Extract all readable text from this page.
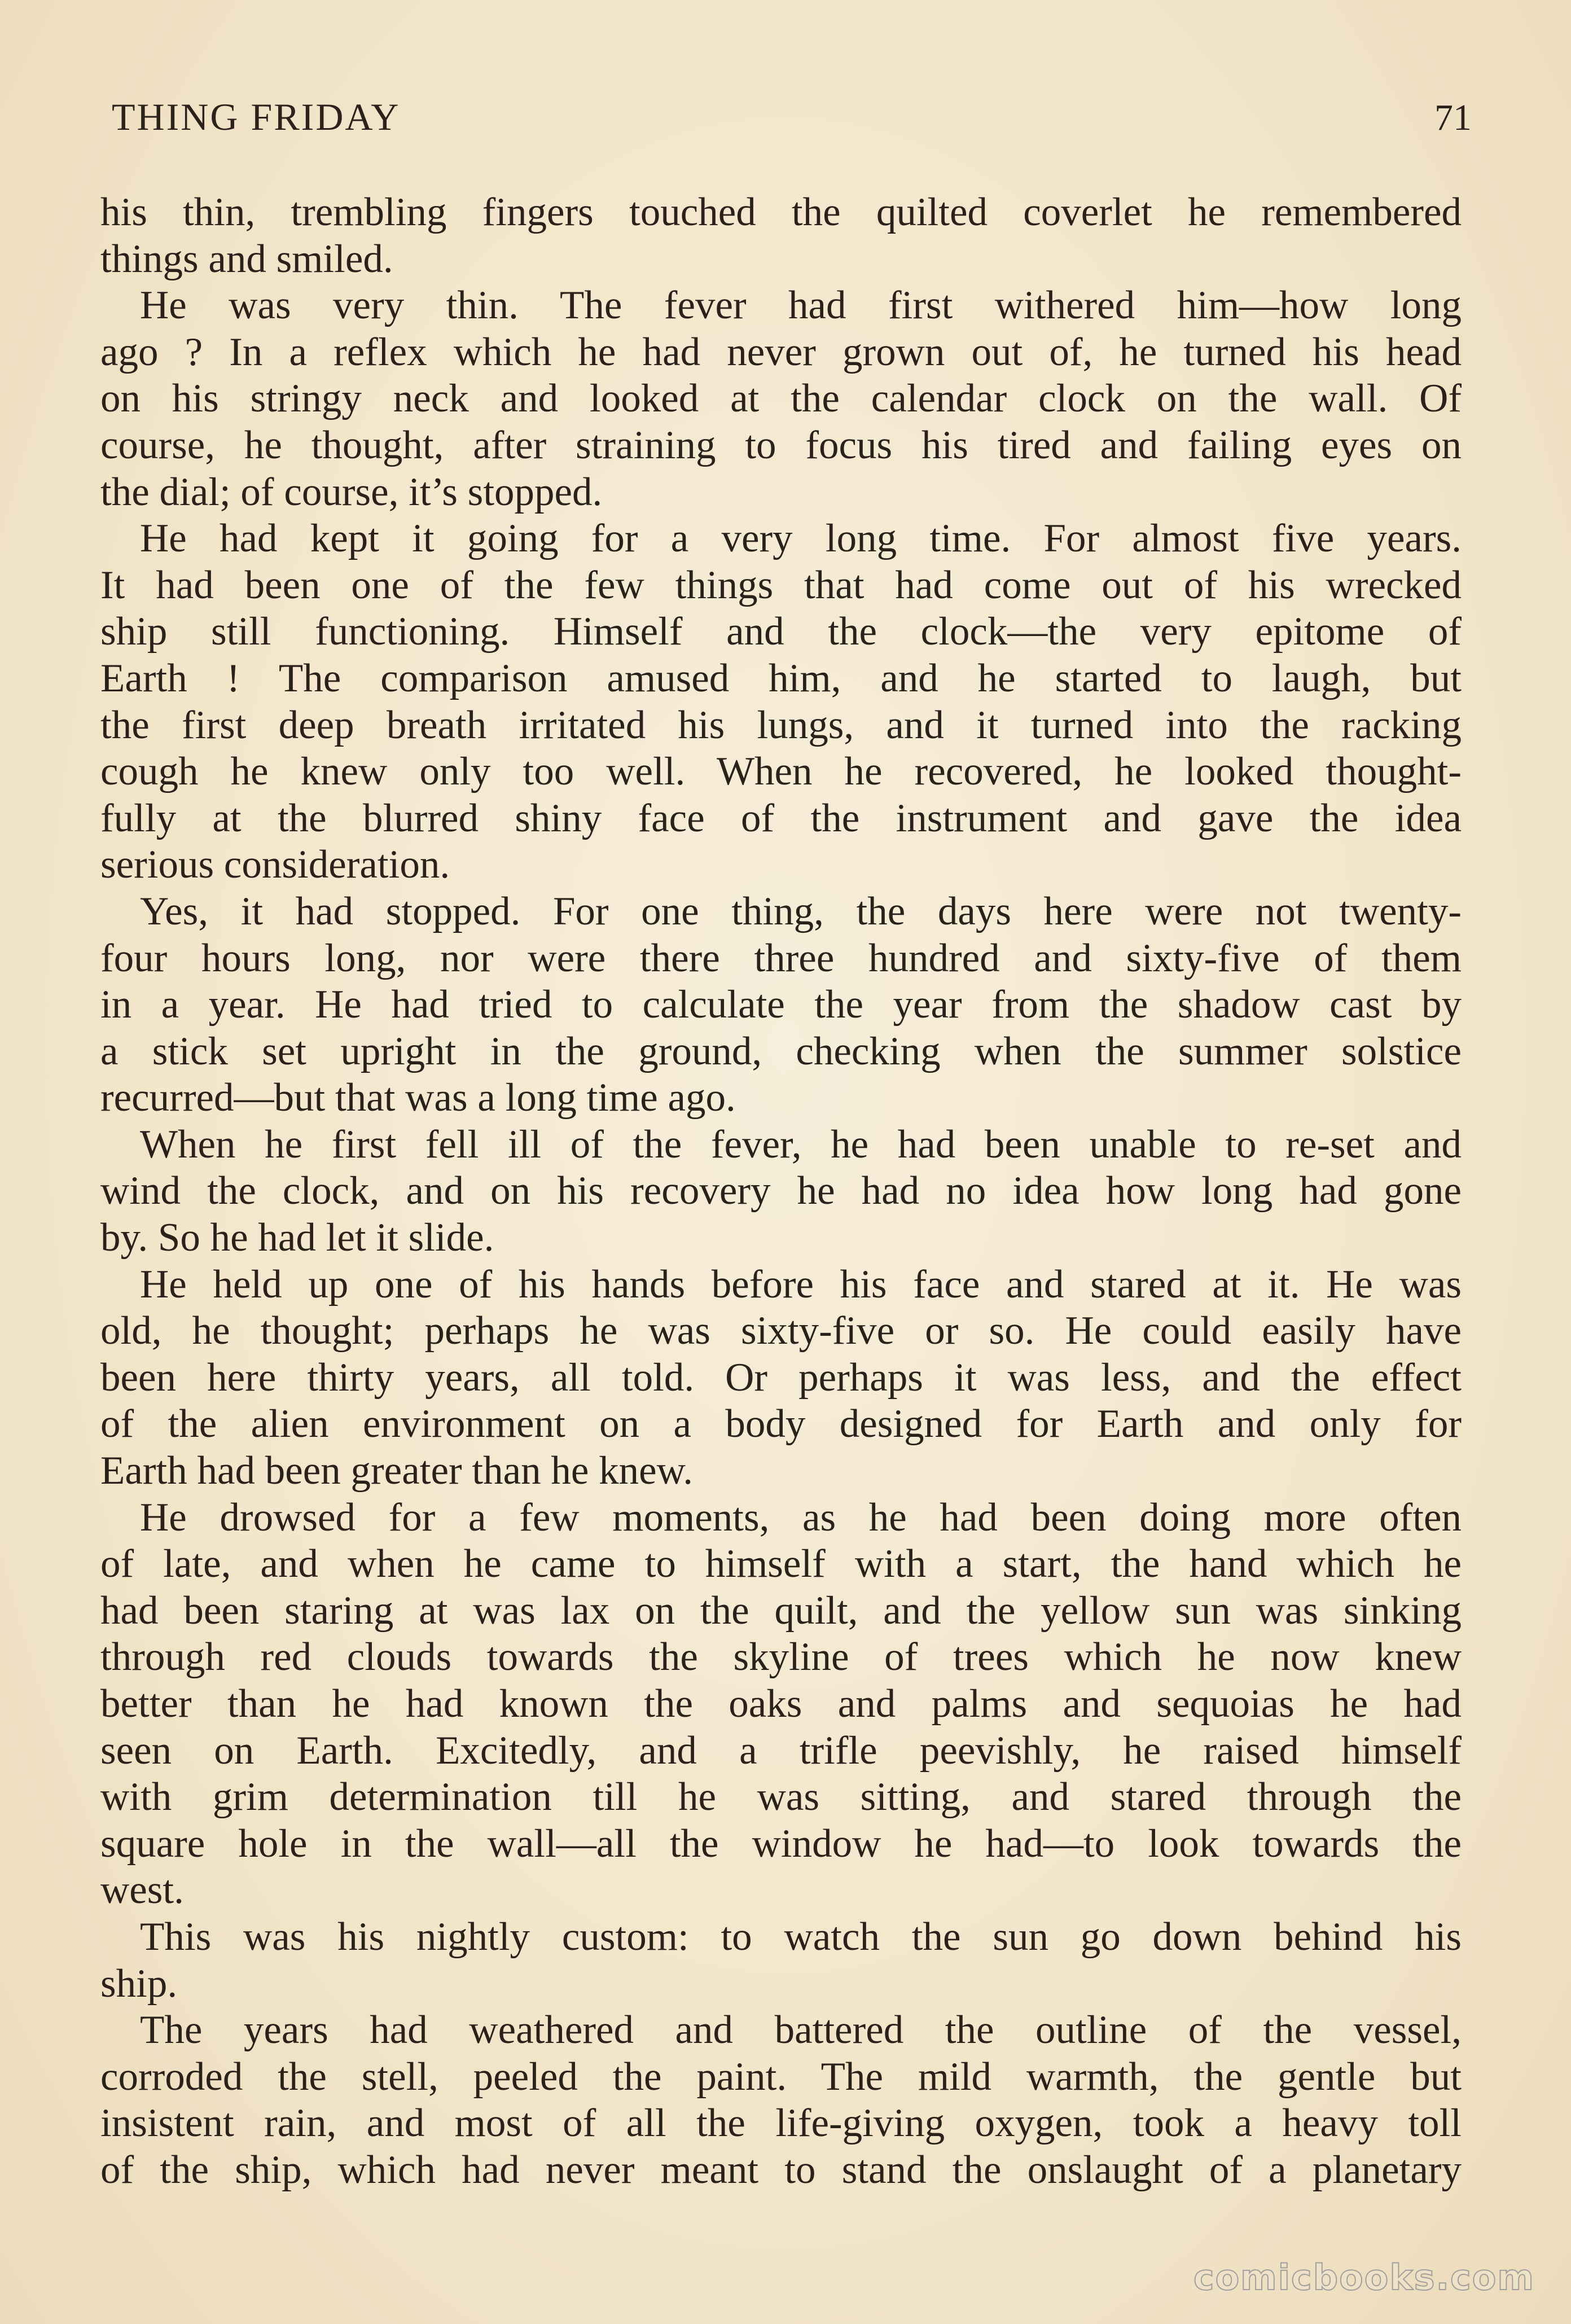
THING FRIDAY	71
his thin, trembling fingers touched the quilted coverlet he remembered
things and smiled.
He was very thin. The fever had first withered him—how long
ago ? In a reflex which he had never grown out of, he turned his head
on his stringy neck and looked at the calendar clock on the wall. Of
course, he thought, after straining to focus his tired and failing eyes on
the dial; of course, it’s stopped.
He had kept it going for a very long time. For almost five years.
It had been one of the few things that had come out of his wrecked
ship still functioning. Himself and the clock—the very epitome of
Earth ! The comparison amused him, and he started to laugh, but
the first deep breath irritated his lungs, and it turned into the racking
cough he knew only too well. When he recovered, he looked thought-
fully at the blurred shiny face of the instrument and gave the idea
serious consideration.
Yes, it had stopped. For one thing, the days here were not twenty-
four hours long, nor were there three hundred and sixty-five of them
in a year. He had tried to calculate the year from the shadow cast by
a stick set upright in the ground, checking when the summer solstice
recurred—but that was a long time ago.
When he first fell ill of the fever, he had been unable to re-set and
wind the clock, and on his recovery he had no idea how long had gone
by. So he had let it slide.
He held up one of his hands before his face and stared at it. He was
old, he thought; perhaps he was sixty-five or so. He could easily have
been here thirty years, all told. Or perhaps it was less, and the effect
of the alien environment on a body designed for Earth and only for
Earth had been greater than he knew.
He drowsed for a few moments, as he had been doing more often
of late, and when he came to himself with a start, the hand which he
had been staring at was lax on the quilt, and the yellow sun was sinking
through red clouds towards the skyline of trees which he now knew
better than he had known the oaks and palms and sequoias he had
seen on Earth. Excitedly, and a trifle peevishly, he raised himself
with grim determination till he was sitting, and stared through the
square hole in the wall—all the window he had—to look towards the
west.
This was his nightly custom: to watch the sun go down behind his
ship.
The years had weathered and battered the outline of the vessel,
corroded the stell, peeled the paint. The mild warmth, the gentle but
insistent rain, and most of all the life-giving oxygen, took a heavy toll
of the ship, which had never meant to stand the onslaught of a planetary
comicbooks.com
